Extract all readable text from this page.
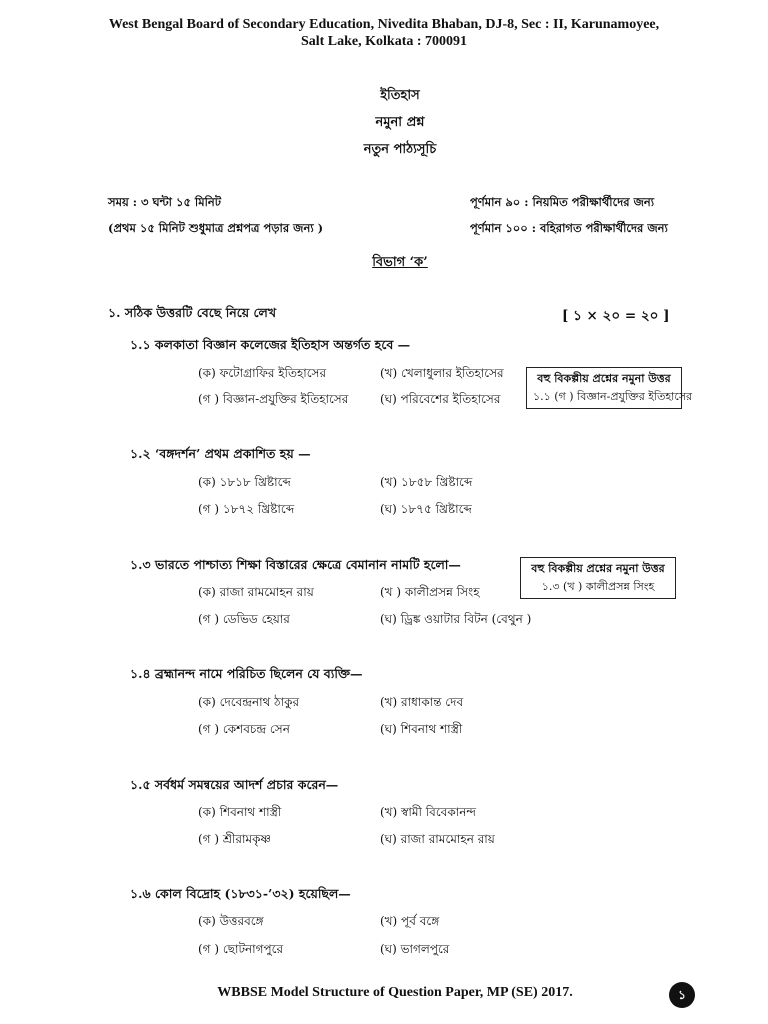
West Bengal Board of Secondary Education, Nivedita Bhaban, DJ-8, Sec : II, Karunamoyee,
Salt Lake, Kolkata : 700091
ইতিহাস
নমুনা প্রশ্ন
নতুন পাঠ্যসূচি
সময় : ৩ ঘন্টা ১৫ মিনিট
(প্রথম ১৫ মিনিট শুধুমাত্র প্রশ্নপত্র পড়ার জন্য )
পূর্ণমান ৯০ : নিয়মিত পরীক্ষার্থীদের জন্য
পূর্ণমান ১০০ : বহিরাগত পরীক্ষার্থীদের জন্য
বিভাগ ‘ক’
১. সঠিক উত্তরটি বেছে নিয়ে লেখ	[ ১ × ২০ = ২০ ]
১.১ কলকাতা বিজ্ঞান কলেজের ইতিহাস অন্তর্গত হবে —
(ক) ফটোগ্রাফির ইতিহাসের	(খ) খেলাধুলার ইতিহাসের
(গ ) বিজ্ঞান-প্রযুক্তির ইতিহাসের	(ঘ) পরিবেশের ইতিহাসের
বহু বিকল্পীয় প্রশ্নের নমুনা উত্তর
১.১ (গ ) বিজ্ঞান-প্রযুক্তির ইতিহাসের
১.২ ‘বঙ্গদর্শন’ প্রথম প্রকাশিত হয় —
(ক) ১৮১৮ খ্রিষ্টাব্দে	(খ) ১৮৫৮ খ্রিষ্টাব্দে
(গ ) ১৮৭২ খ্রিষ্টাব্দে	(ঘ) ১৮৭৫ খ্রিষ্টাব্দে
১.৩ ভারতে পাশ্চাত্য শিক্ষা বিস্তারের ক্ষেত্রে বেমানান নামটি হলো—
(ক) রাজা রামমোহন রায়	(খ ) কালীপ্রসন্ন সিংহ
(গ ) ডেভিড হেয়ার	(ঘ) ড্রিঙ্ক ওয়াটার বিটন (বেথুন )
বহু বিকল্পীয় প্রশ্নের নমুনা উত্তর
১.৩ (খ ) কালীপ্রসন্ন সিংহ
১.৪ ব্রহ্মানন্দ নামে পরিচিত ছিলেন যে ব্যক্তি—
(ক) দেবেন্দ্রনাথ ঠাকুর	(খ) রাধাকান্ত দেব
(গ ) কেশবচন্দ্র সেন	(ঘ) শিবনাথ শাস্ত্রী
১.৫ সর্বধর্ম সমন্বয়ের আদর্শ প্রচার করেন—
(ক) শিবনাথ শাস্ত্রী	(খ) স্বামী বিবেকানন্দ
(গ ) শ্রীরামকৃষ্ণ	(ঘ) রাজা রামমোহন রায়
১.৬ কোল বিদ্রোহ (১৮৩১-’৩২) হয়েছিল—
(ক) উত্তরবঙ্গে	(খ) পূর্ব বঙ্গে
(গ ) ছোটনাগপুরে	(ঘ) ভাগলপুরে
WBBSE Model Structure of Question Paper, MP (SE) 2017.	১
